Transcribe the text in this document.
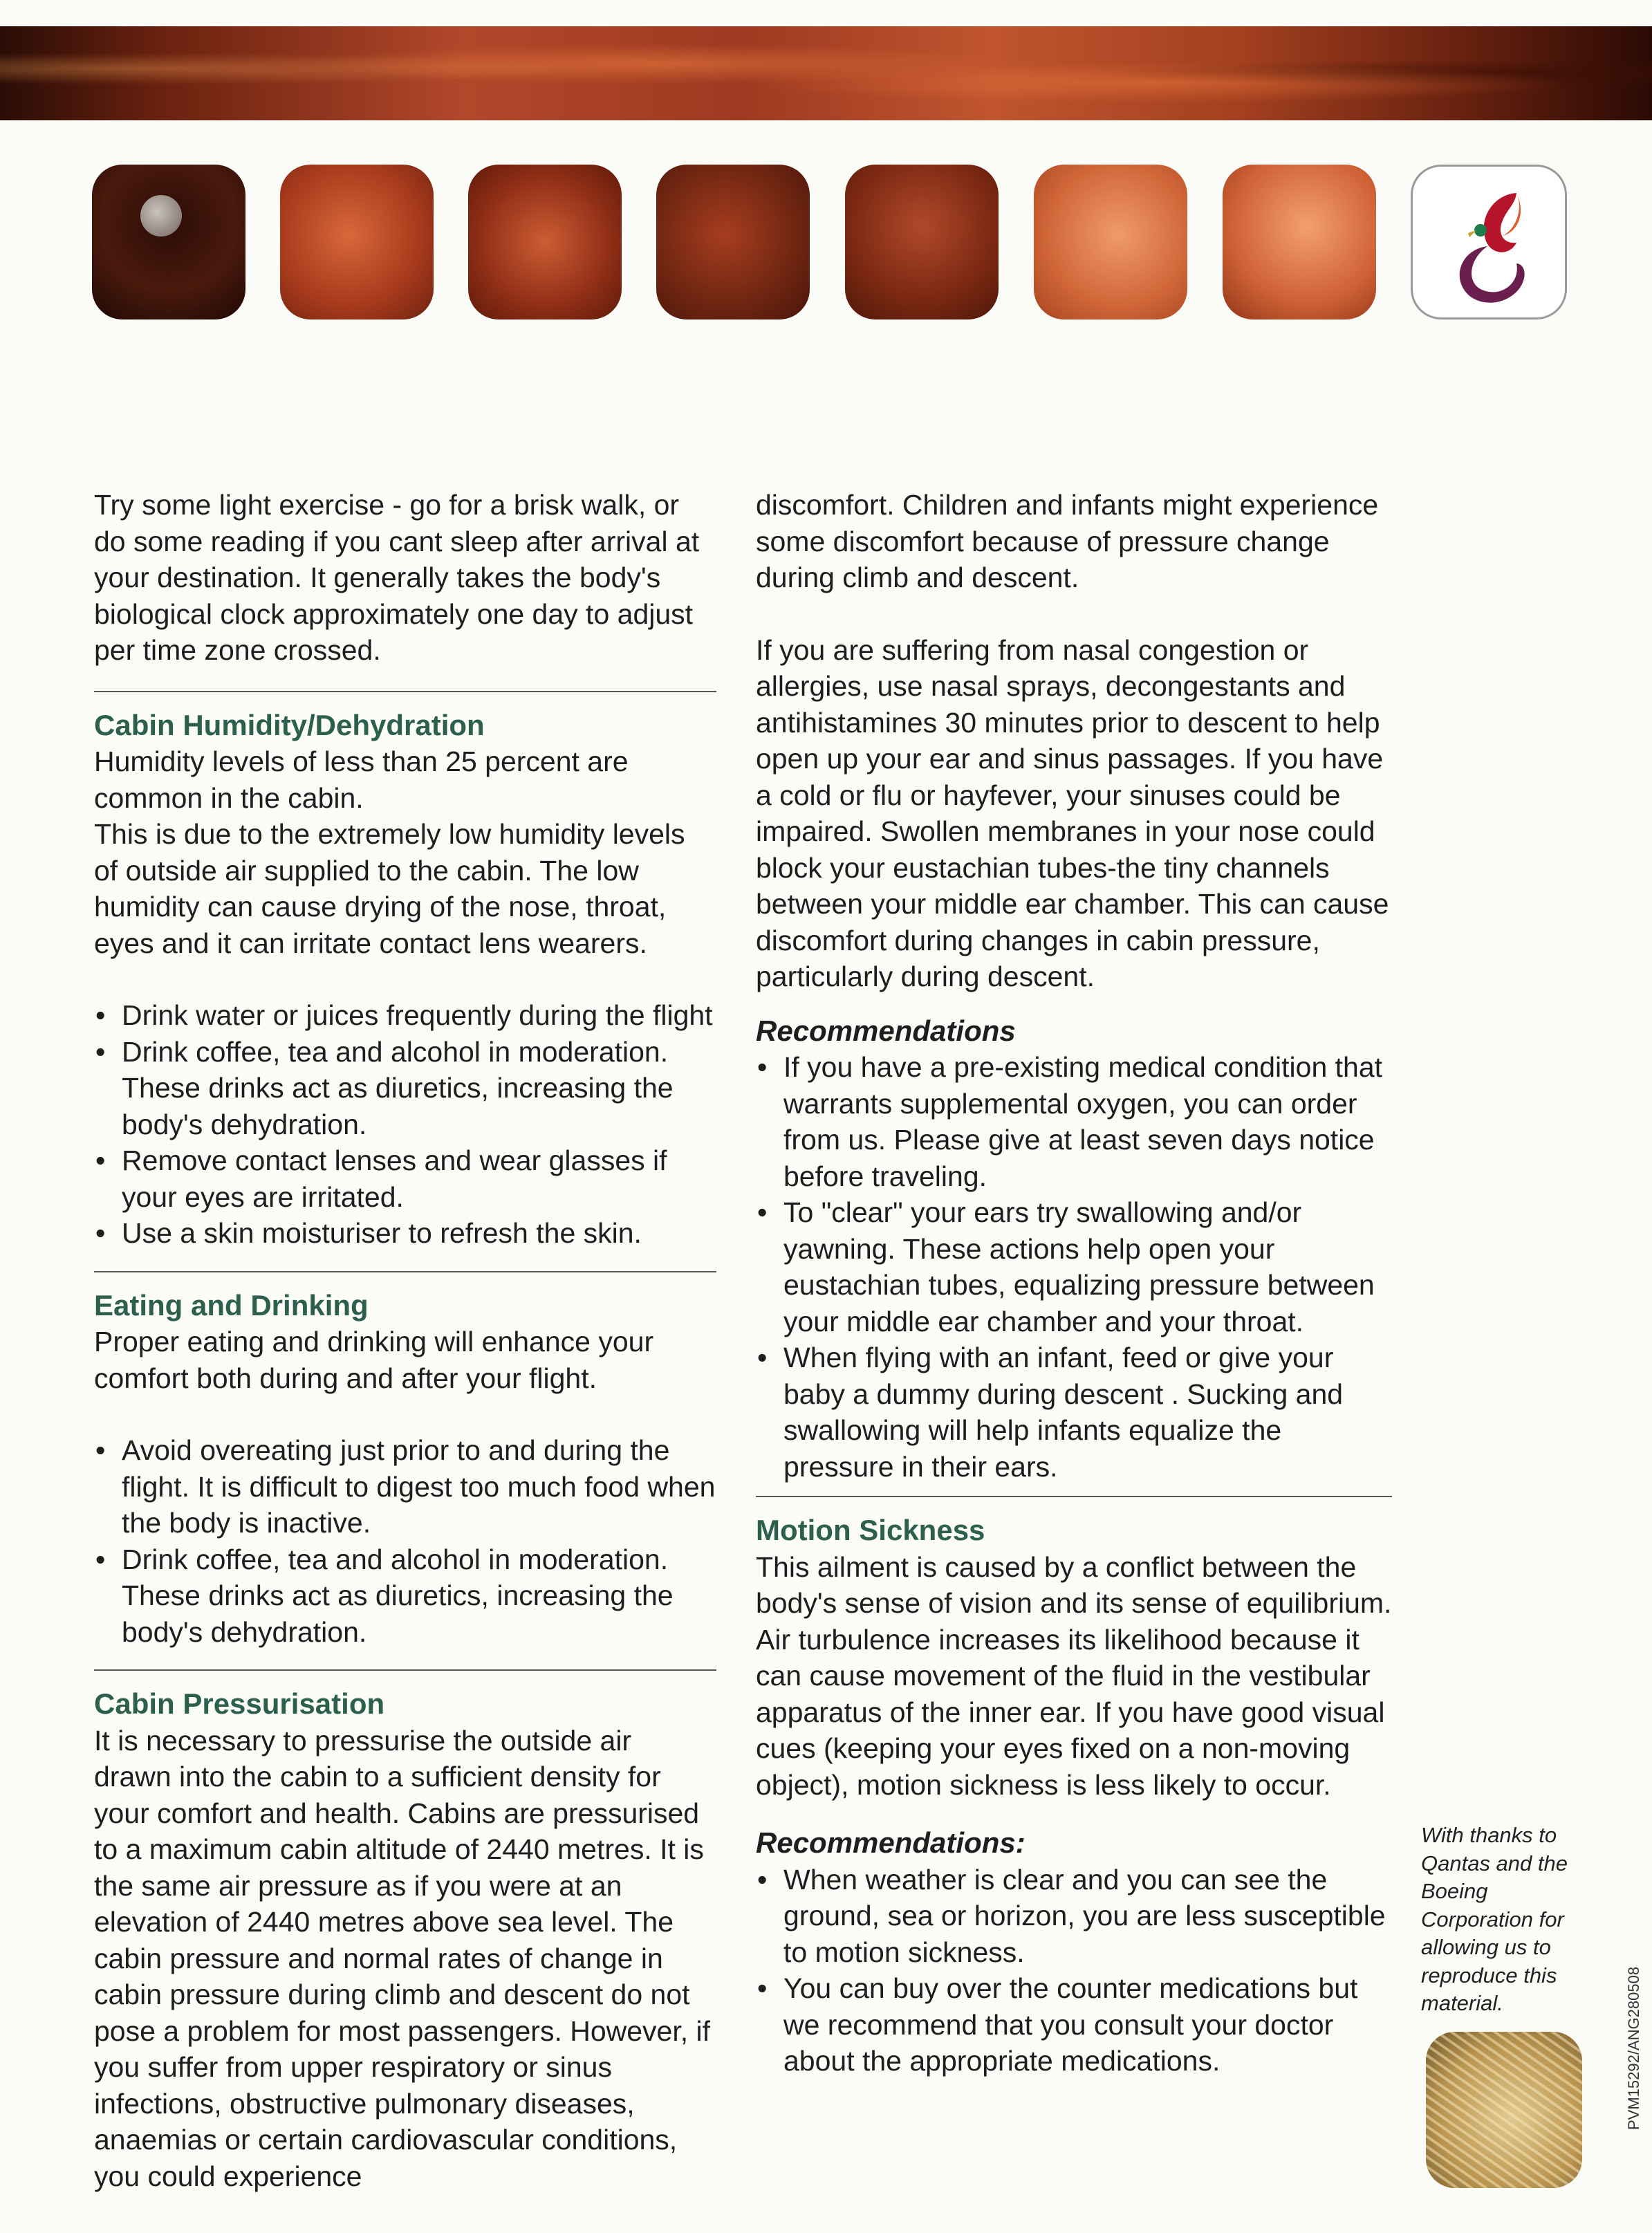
Try some light exercise - go for a brisk walk, or do some reading if you cant sleep after arrival at your destination. It generally takes the body's biological clock approximately one day to adjust per time zone crossed.

Cabin Humidity/Dehydration

Humidity levels of less than 25 percent are common in the cabin.

This is due to the extremely low humidity levels of outside air supplied to the cabin. The low humidity can cause drying of the nose, throat, eyes and it can irritate contact lens wearers.

• Drink water or juices frequently during the flight
• Drink coffee, tea and alcohol in moderation. These drinks act as diuretics, increasing the body's dehydration.
• Remove contact lenses and wear glasses if your eyes are irritated.
• Use a skin moisturiser to refresh the skin.

Eating and Drinking

Proper eating and drinking will enhance your comfort both during and after your flight.

• Avoid overeating just prior to and during the flight. It is difficult to digest too much food when the body is inactive.
• Drink coffee, tea and alcohol in moderation. These drinks act as diuretics, increasing the body's dehydration.

Cabin Pressurisation

It is necessary to pressurise the outside air drawn into the cabin to a sufficient density for your comfort and health. Cabins are pressurised to a maximum cabin altitude of 2440 metres. It is the same air pressure as if you were at an elevation of 2440 metres above sea level. The cabin pressure and normal rates of change in cabin pressure during climb and descent do not pose a problem for most passengers. However, if you suffer from upper respiratory or sinus infections, obstructive pulmonary diseases, anaemias or certain cardiovascular conditions, you could experience

discomfort. Children and infants might experience some discomfort because of pressure change during climb and descent.

If you are suffering from nasal congestion or allergies, use nasal sprays, decongestants and antihistamines 30 minutes prior to descent to help open up your ear and sinus passages. If you have a cold or flu or hayfever, your sinuses could be impaired. Swollen membranes in your nose could block your eustachian tubes-the tiny channels between your middle ear chamber. This can cause discomfort during changes in cabin pressure, particularly during descent.

Recommendations

• If you have a pre-existing medical condition that warrants supplemental oxygen, you can order from us. Please give at least seven days notice before traveling.
• To "clear" your ears try swallowing and/or yawning. These actions help open your eustachian tubes, equalizing pressure between your middle ear chamber and your throat.
• When flying with an infant, feed or give your baby a dummy during descent . Sucking and swallowing will help infants equalize the pressure in their ears.

Motion Sickness

This ailment is caused by a conflict between the body's sense of vision and its sense of equilibrium. Air turbulence increases its likelihood because it can cause movement of the fluid in the vestibular apparatus of the inner ear. If you have good visual cues (keeping your eyes fixed on a non-moving object), motion sickness is less likely to occur.

Recommendations:

• When weather is clear and you can see the ground, sea or horizon, you are less susceptible to motion sickness.
• You can buy over the counter medications but we recommend that you consult your doctor about the appropriate medications.
With thanks to Qantas and the Boeing Corporation for allowing us to reproduce this material.	PVM15292/ANG280508
